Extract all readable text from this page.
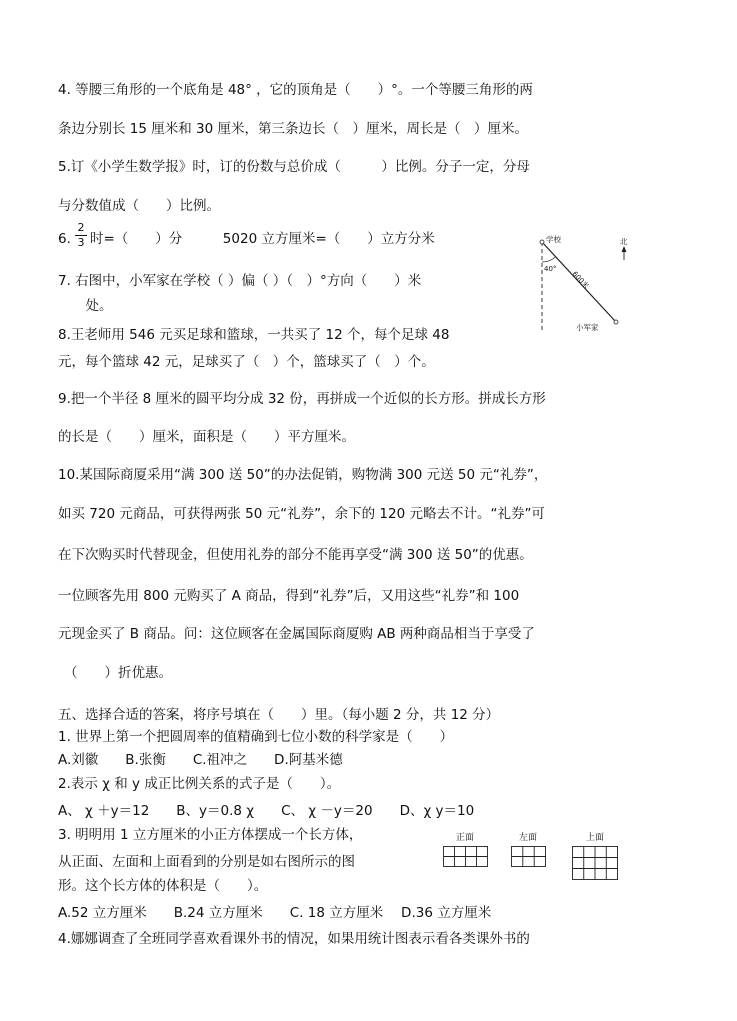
4. 等腰三角形的一个底角是 48° ，它的顶角是（　　）°。一个等腰三角形的两
条边分别长 15 厘米和 30 厘米，第三条边长（　）厘米，周长是（　）厘米。
5.订《小学生数学报》时，订的份数与总价成（　　　）比例。分子一定，分母
与分数值成（　　）比例。
6.
2
3 时=（　　）分　　　5020 立方厘米=（　　）立方分米
7. 右图中，小军家在学校（ ）偏（ ）（　）°方向（　　）米
　处。
8.王老师用 546 元买足球和篮球，一共买了 12 个，每个足球 48
元，每个篮球 42 元，足球买了（　）个，篮球买了（　）个。
9.把一个半径 8 厘米的圆平均分成 32 份，再拼成一个近似的长方形。拼成长方形
的长是（　　）厘米，面积是（　　）平方厘米。
10.某国际商厦采用“满 300 送 50”的办法促销，购物满 300 元送 50 元“礼券”，
如买 720 元商品，可获得两张 50 元“礼券”，余下的 120 元略去不计。“礼券”可
在下次购买时代替现金，但使用礼券的部分不能再享受“满 300 送 50”的优惠。
一位顾客先用 800 元购买了 A 商品，得到“礼券”后，又用这些“礼券”和 100
元现金买了 B 商品。问：这位顾客在金属国际商厦购 AB 两种商品相当于享受了
（　　）折优惠。
五、选择合适的答案，将序号填在（　　）里。（每小题 2 分，共 12 分）
1. 世界上第一个把圆周率的值精确到七位小数的科学家是（　　）
A.刘徽　　B.张衡　　C.祖冲之　　D.阿基米德
2.表示 χ 和 y 成正比例关系的式子是（　　）。
A、 χ ＋y＝12　　B、y＝0.8 χ　　C、 χ －y＝20　　D、χ y＝10
3. 明明用 1 立方厘米的小正方体摆成一个长方体，
从正面、左面和上面看到的分别是如右图所示的图
形。这个长方体的体积是（　　）。
A.52 立方厘米　　B.24 立方厘米　　C. 18 立方厘米　 D.36 立方厘米
4.娜娜调查了全班同学喜欢看课外书的情况，如果用统计图表示看各类课外书的
学校
40°
600米
小军家
北
正面	左面	上面
